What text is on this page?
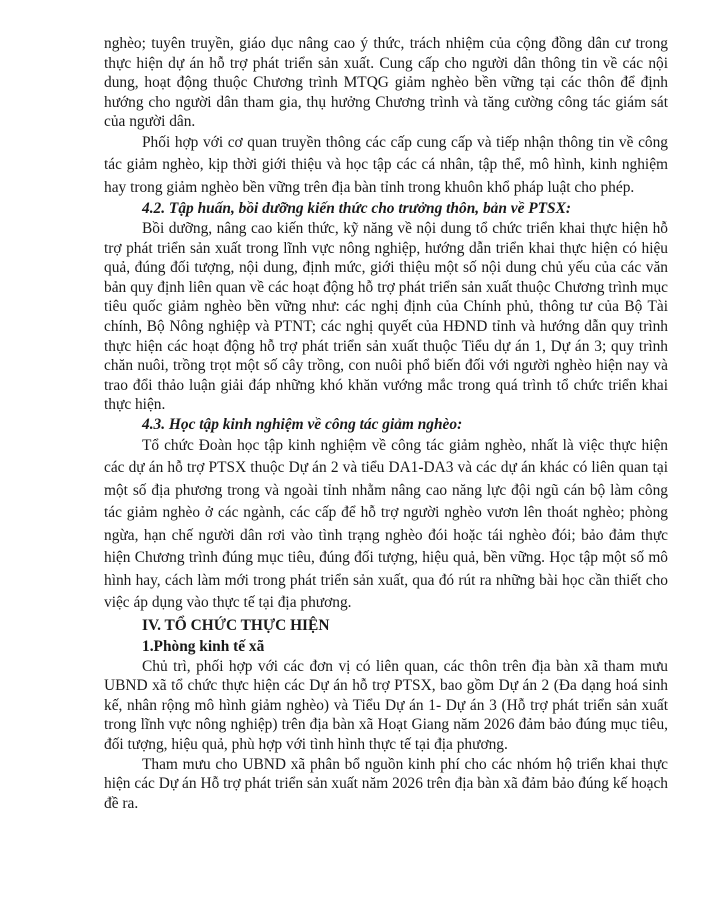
nghèo; tuyên truyền, giáo dục nâng cao ý thức, trách nhiệm của cộng đồng dân cư trong thực hiện dự án hỗ trợ phát triển sản xuất. Cung cấp cho người dân thông tin về các nội dung, hoạt động thuộc Chương trình MTQG giảm nghèo bền vững tại các thôn để định hướng cho người dân tham gia, thụ hưởng Chương trình và tăng cường công tác giám sát của người dân.

Phối hợp với cơ quan truyền thông các cấp cung cấp và tiếp nhận thông tin về công tác giảm nghèo, kịp thời giới thiệu và học tập các cá nhân, tập thể, mô hình, kinh nghiệm hay trong giảm nghèo bền vững trên địa bàn tỉnh trong khuôn khổ pháp luật cho phép.

4.2. Tập huấn, bồi dưỡng kiến thức cho trưởng thôn, bản về PTSX:

Bồi dưỡng, nâng cao kiến thức, kỹ năng về nội dung tổ chức triển khai thực hiện hỗ trợ phát triển sản xuất trong lĩnh vực nông nghiệp, hướng dẫn triển khai thực hiện có hiệu quả, đúng đối tượng, nội dung, định mức, giới thiệu một số nội dung chủ yếu của các văn bản quy định liên quan về các hoạt động hỗ trợ phát triển sản xuất thuộc Chương trình mục tiêu quốc giảm nghèo bền vững như: các nghị định của Chính phủ, thông tư của Bộ Tài chính, Bộ Nông nghiệp và PTNT; các nghị quyết của HĐND tỉnh và hướng dẫn quy trình thực hiện các hoạt động hỗ trợ phát triển sản xuất thuộc Tiểu dự án 1, Dự án 3; quy trình chăn nuôi, trồng trọt một số cây trồng, con nuôi phổ biến đối với người nghèo hiện nay và trao đổi thảo luận giải đáp những khó khăn vướng mắc trong quá trình tổ chức triển khai thực hiện.

4.3. Học tập kinh nghiệm về công tác giảm nghèo:

Tổ chức Đoàn học tập kinh nghiệm về công tác giảm nghèo, nhất là việc thực hiện các dự án hỗ trợ PTSX thuộc Dự án 2 và tiểu DA1-DA3 và các dự án khác có liên quan tại một số địa phương trong và ngoài tỉnh nhằm nâng cao năng lực đội ngũ cán bộ làm công tác giảm nghèo ở các ngành, các cấp để hỗ trợ người nghèo vươn lên thoát nghèo; phòng ngừa, hạn chế người dân rơi vào tình trạng nghèo đói hoặc tái nghèo đói; bảo đảm thực hiện Chương trình đúng mục tiêu, đúng đối tượng, hiệu quả, bền vững. Học tập một số mô hình hay, cách làm mới trong phát triển sản xuất, qua đó rút ra những bài học cần thiết cho việc áp dụng vào thực tế tại địa phương.

IV. TỔ CHỨC THỰC HIỆN

1.Phòng kinh tế xã

Chủ trì, phối hợp với các đơn vị có liên quan, các thôn trên địa bàn xã tham mưu UBND xã tổ chức thực hiện các Dự án hỗ trợ PTSX, bao gồm Dự án 2 (Đa dạng hoá sinh kế, nhân rộng mô hình giảm nghèo) và Tiểu Dự án 1- Dự án 3 (Hỗ trợ phát triển sản xuất trong lĩnh vực nông nghiệp) trên địa bàn xã Hoạt Giang năm 2026 đảm bảo đúng mục tiêu, đối tượng, hiệu quả, phù hợp với tình hình thực tế tại địa phương.

Tham mưu cho UBND xã phân bổ nguồn kinh phí cho các nhóm hộ triển khai thực hiện các Dự án Hỗ trợ phát triển sản xuất năm 2026 trên địa bàn xã đảm bảo đúng kế hoạch đề ra.
